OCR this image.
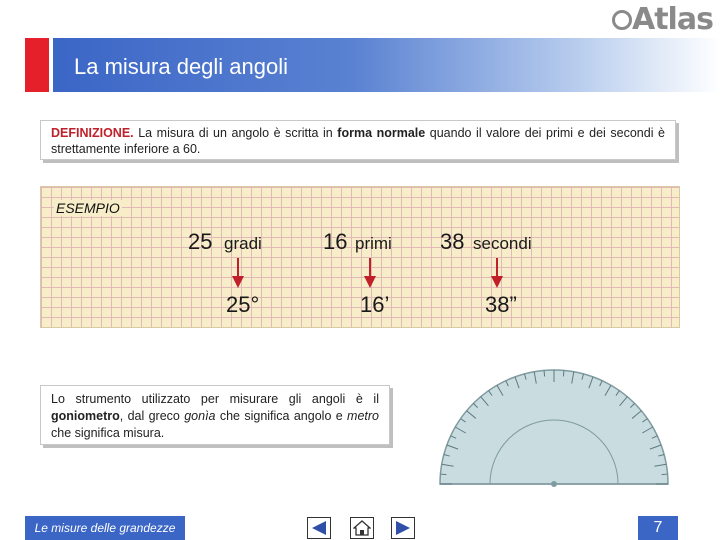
Atlas
La misura degli angoli
DEFINIZIONE. La misura di un angolo è scritta in forma normale quando il valore dei primi e dei secondi è strettamente inferiore a 60.
ESEMPIO
25 gradi	16 primi 38 secondi
25°	16’	38”
Lo strumento utilizzato per misurare gli angoli è il goniometro, dal greco gonìa che significa angolo e metro che significa misura.
Le misure delle grandezze	7
